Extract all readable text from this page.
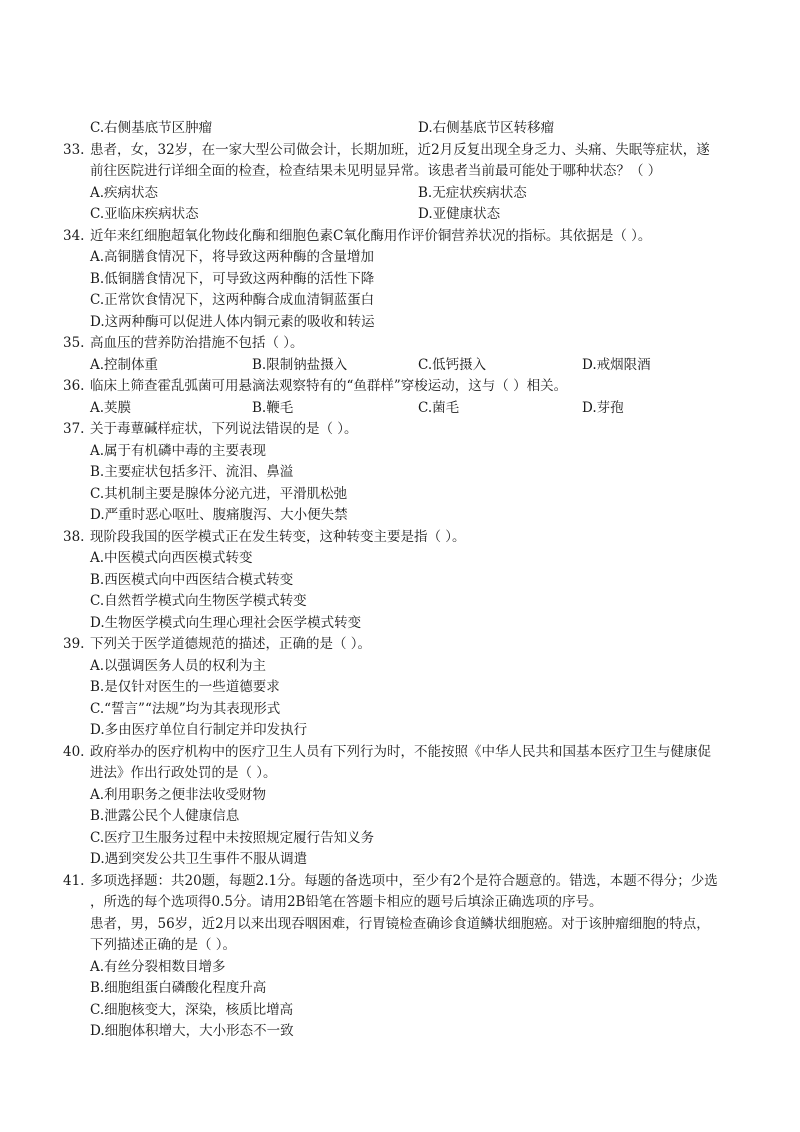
C.右侧基底节区肿瘤	D.右侧基底节区转移瘤
33. 患者，女，32岁，在一家大型公司做会计，长期加班，近2月反复出现全身乏力、头痛、失眠等症状，遂
前往医院进行详细全面的检查，检查结果未见明显异常。该患者当前最可能处于哪种状态？（ ）
A.疾病状态	B.无症状疾病状态
C.亚临床疾病状态	D.亚健康状态
34. 近年来红细胞超氧化物歧化酶和细胞色素C氧化酶用作评价铜营养状况的指标。其依据是（ ）。
A.高铜膳食情况下，将导致这两种酶的含量增加
B.低铜膳食情况下，可导致这两种酶的活性下降
C.正常饮食情况下，这两种酶合成血清铜蓝蛋白
D.这两种酶可以促进人体内铜元素的吸收和转运
35. 高血压的营养防治措施不包括（ ）。
A.控制体重	B.限制钠盐摄入	C.低钙摄入	D.戒烟限酒
36. 临床上筛查霍乱弧菌可用悬滴法观察特有的“鱼群样”穿梭运动，这与（ ）相关。
A.荚膜	B.鞭毛	C.菌毛	D.芽孢
37. 关于毒蕈碱样症状，下列说法错误的是（ ）。
A.属于有机磷中毒的主要表现
B.主要症状包括多汗、流泪、鼻溢
C.其机制主要是腺体分泌亢进，平滑肌松弛
D.严重时恶心呕吐、腹痛腹泻、大小便失禁
38. 现阶段我国的医学模式正在发生转变，这种转变主要是指（ ）。
A.中医模式向西医模式转变
B.西医模式向中西医结合模式转变
C.自然哲学模式向生物医学模式转变
D.生物医学模式向生理心理社会医学模式转变
39. 下列关于医学道德规范的描述，正确的是（ ）。
A.以强调医务人员的权利为主
B.是仅针对医生的一些道德要求
C.“誓言”“法规”均为其表现形式
D.多由医疗单位自行制定并印发执行
40. 政府举办的医疗机构中的医疗卫生人员有下列行为时，不能按照《中华人民共和国基本医疗卫生与健康促
进法》作出行政处罚的是（ ）。
A.利用职务之便非法收受财物
B.泄露公民个人健康信息
C.医疗卫生服务过程中未按照规定履行告知义务
D.遇到突发公共卫生事件不服从调遣
41. 多项选择题：共20题，每题2.1分。每题的备选项中，至少有2个是符合题意的。错选，本题不得分；少选
，所选的每个选项得0.5分。请用2B铅笔在答题卡相应的题号后填涂正确选项的序号。
患者，男，56岁，近2月以来出现吞咽困难，行胃镜检查确诊食道鳞状细胞癌。对于该肿瘤细胞的特点，
下列描述正确的是（ ）。
A.有丝分裂相数目增多
B.细胞组蛋白磷酸化程度升高
C.细胞核变大，深染，核质比增高
D.细胞体积增大，大小形态不一致
